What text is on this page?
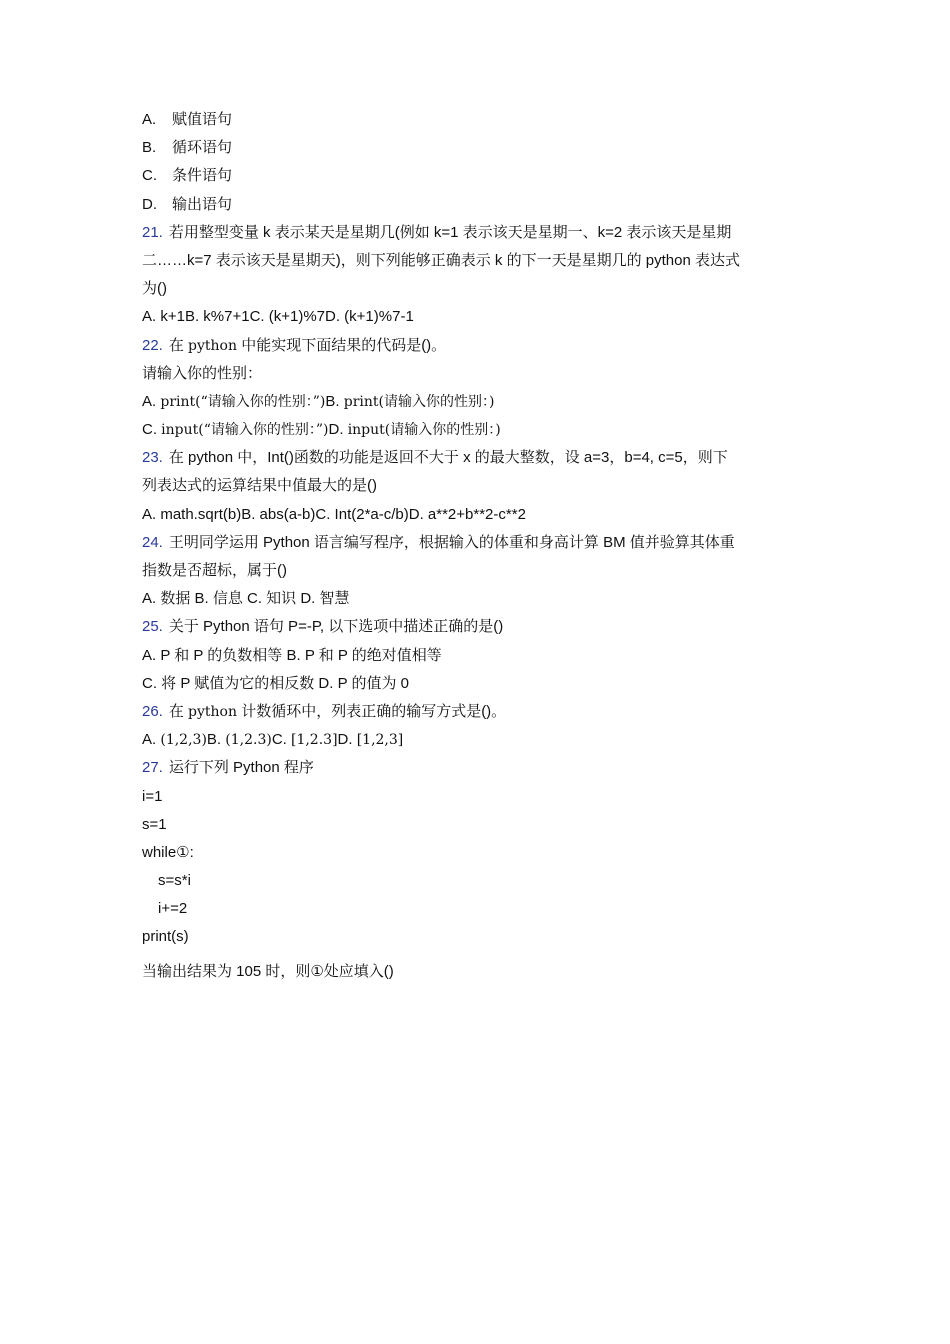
A. 赋值语句
B. 循环语句
C. 条件语句
D. 输出语句
21. 若用整型变量 k 表示某天是星期几(例如 k=1 表示该天是星期一、k=2 表示该天是星期
二……k=7 表示该天是星期天)，则下列能够正确表示 k 的下一天是星期几的 python 表达式
为()
A. k+1B. k%7+1C. (k+1)%7D. (k+1)%7-1
22. 在 python 中能实现下面结果的代码是()。
请输入你的性别：
A. print(“请输入你的性别：”)B. print(请输入你的性别：)
C. input(“请输入你的性别：”)D. input(请输入你的性别：)
23. 在 python 中，Int()函数的功能是返回不大于 x 的最大整数，设 a=3，b=4, c=5，则下
列表达式的运算结果中值最大的是()
A. math.sqrt(b)B. abs(a-b)C. Int(2*a-c/b)D. a**2+b**2-c**2
24. 王明同学运用 Python 语言编写程序，根据输入的体重和身高计算 BM 值并验算其体重
指数是否超标，属于()
A. 数据 B. 信息 C. 知识 D. 智慧
25. 关于 Python 语句 P=-P, 以下选项中描述正确的是()
A. P 和 P 的负数相等 B. P 和 P 的绝对值相等
C. 将 P 赋值为它的相反数 D. P 的值为 0
26. 在 python 计数循环中，列表正确的输写方式是()。
A. (1,2,3)B. (1,2.3)C. [1,2.3]D. [1,2,3]
27. 运行下列 Python 程序
i=1
s=1
while①:
s=s*i
i+=2
print(s)
当输出结果为 105 时，则①处应填入()
